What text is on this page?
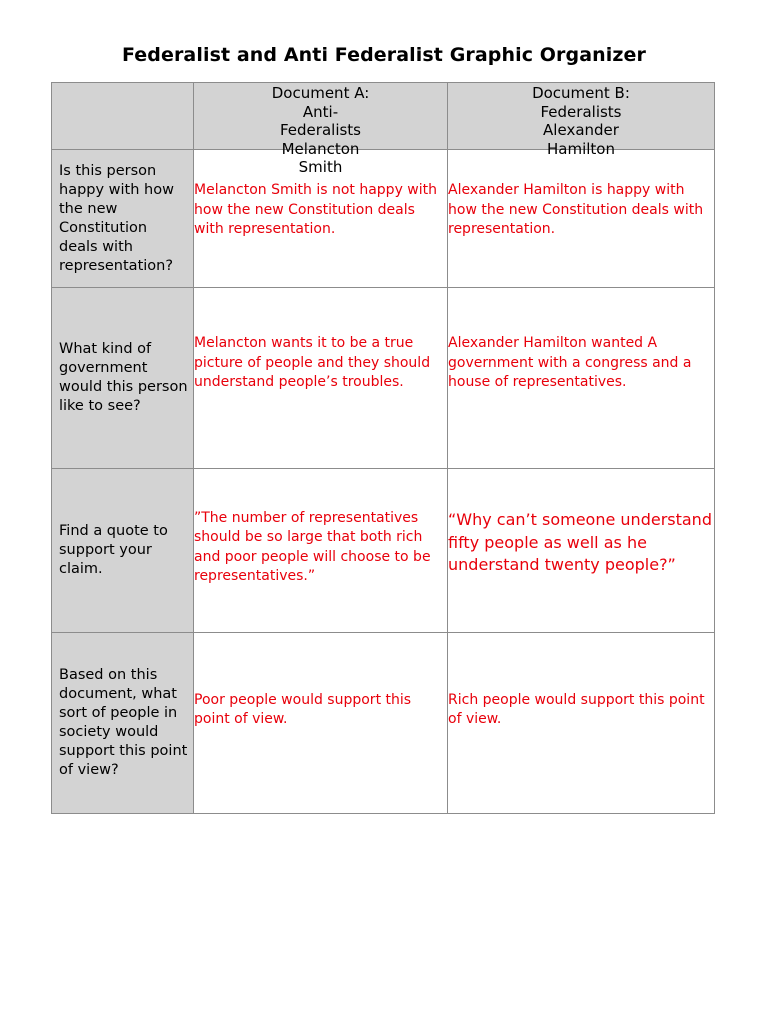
Federalist and Anti Federalist Graphic Organizer

	Document A: Anti-Federalists Melancton Smith	Document B: Federalists Alexander Hamilton

Is this person happy with how the new Constitution deals with representation?	Melancton Smith is not happy with how the new Constitution deals with representation.	Alexander Hamilton is happy with how the new Constitution deals with representation.

What kind of government would this person like to see?	Melancton wants it to be a true picture of people and they should understand people’s troubles.	Alexander Hamilton wanted A government with a congress and a house of representatives.

Find a quote to support your claim.	”The number of representatives should be so large that both rich and poor people will choose to be representatives.”	“Why can’t someone understand fifty people as well as he understand twenty people?”

Based on this document, what sort of people in society would support this point of view?	Poor people would support this point of view.	Rich people would support this point of view.
